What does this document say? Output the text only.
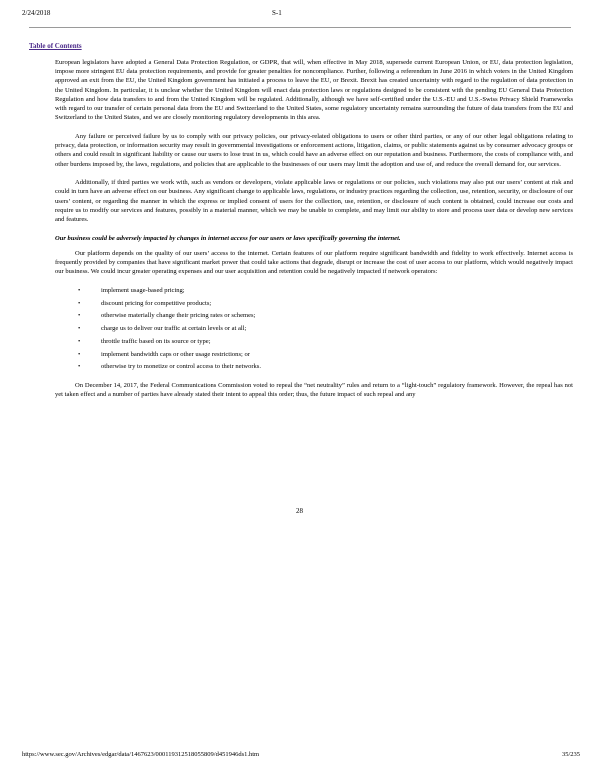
2/24/2018	S-1
Table of Contents

European legislators have adopted a General Data Protection Regulation, or GDPR, that will, when effective in May 2018, supersede current European Union, or EU, data protection legislation, impose more stringent EU data protection requirements, and provide for greater penalties for noncompliance. Further, following a referendum in June 2016 in which voters in the United Kingdom approved an exit from the EU, the United Kingdom government has initiated a process to leave the EU, or Brexit. Brexit has created uncertainty with regard to the regulation of data protection in the United Kingdom. In particular, it is unclear whether the United Kingdom will enact data protection laws or regulations designed to be consistent with the pending EU General Data Protection Regulation and how data transfers to and from the United Kingdom will be regulated. Additionally, although we have self-certified under the U.S.-EU and U.S.-Swiss Privacy Shield Frameworks with regard to our transfer of certain personal data from the EU and Switzerland to the United States, some regulatory uncertainty remains surrounding the future of data transfers from the EU and Switzerland to the United States, and we are closely monitoring regulatory developments in this area.

Any failure or perceived failure by us to comply with our privacy policies, our privacy-related obligations to users or other third parties, or any of our other legal obligations relating to privacy, data protection, or information security may result in governmental investigations or enforcement actions, litigation, claims, or public statements against us by consumer advocacy groups or others and could result in significant liability or cause our users to lose trust in us, which could have an adverse effect on our reputation and business. Furthermore, the costs of compliance with, and other burdens imposed by, the laws, regulations, and policies that are applicable to the businesses of our users may limit the adoption and use of, and reduce the overall demand for, our services.

Additionally, if third parties we work with, such as vendors or developers, violate applicable laws or regulations or our policies, such violations may also put our users’ content at risk and could in turn have an adverse effect on our business. Any significant change to applicable laws, regulations, or industry practices regarding the collection, use, retention, security, or disclosure of our users’ content, or regarding the manner in which the express or implied consent of users for the collection, use, retention, or disclosure of such content is obtained, could increase our costs and require us to modify our services and features, possibly in a material manner, which we may be unable to complete, and may limit our ability to store and process user data or develop new services and features.

Our business could be adversely impacted by changes in internet access for our users or laws specifically governing the internet.

Our platform depends on the quality of our users’ access to the internet. Certain features of our platform require significant bandwidth and fidelity to work effectively. Internet access is frequently provided by companies that have significant market power that could take actions that degrade, disrupt or increase the cost of user access to our platform, which would negatively impact our business. We could incur greater operating expenses and our user acquisition and retention could be negatively impacted if network operators:

•	implement usage-based pricing;
•	discount pricing for competitive products;
•	otherwise materially change their pricing rates or schemes;
•	charge us to deliver our traffic at certain levels or at all;
•	throttle traffic based on its source or type;
•	implement bandwidth caps or other usage restrictions; or
•	otherwise try to monetize or control access to their networks.

On December 14, 2017, the Federal Communications Commission voted to repeal the “net neutrality” rules and return to a “light-touch” regulatory framework. However, the repeal has not yet taken effect and a number of parties have already stated their intent to appeal this order; thus, the future impact of such repeal and any

28
https://www.sec.gov/Archives/edgar/data/1467623/000119312518055809/d451946ds1.htm	35/235
